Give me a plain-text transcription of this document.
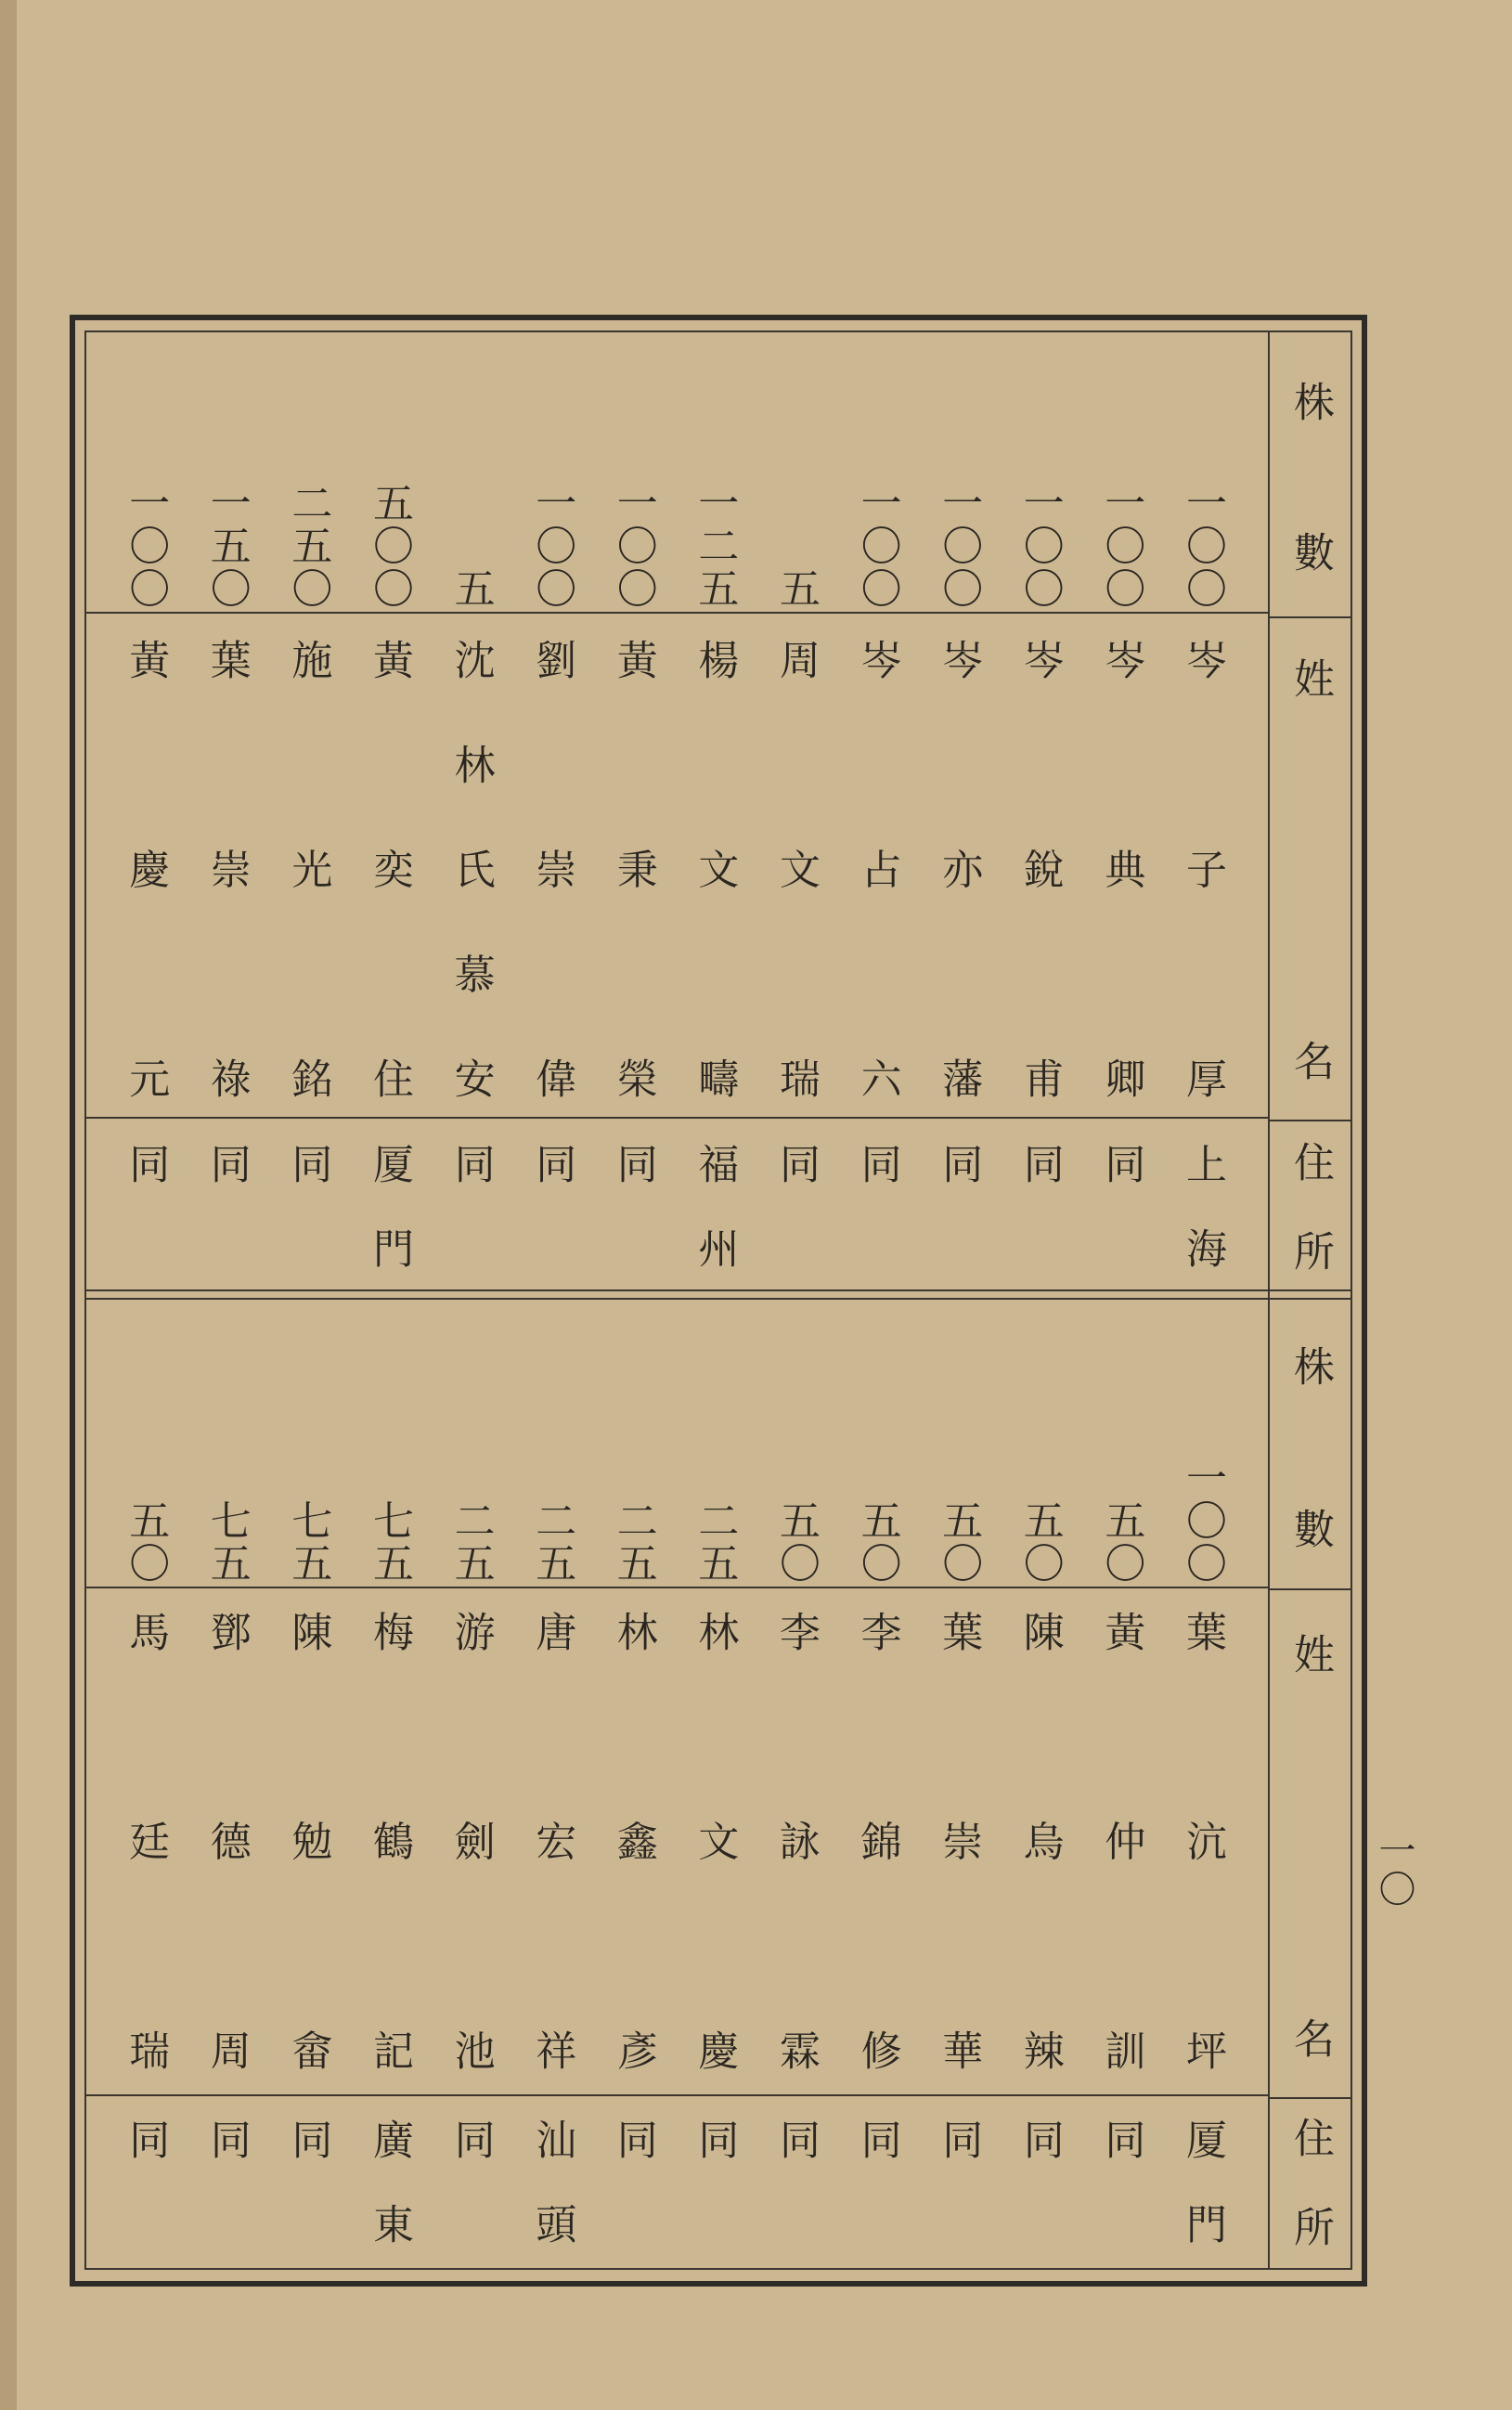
株數
姓名
住所
株數
姓名
住所
一〇
一〇〇
岑子厚
上海
一〇〇
岑典卿
同
一〇〇
岑銳甫
同
一〇〇
岑亦藩
同
一〇〇
岑占六
同
五
周文瑞
同
一二五
楊文疇
福州
一〇〇
黃秉榮
同
一〇〇
劉崇偉
同
五
沈林氏慕安
同
五〇〇
黃奕住
厦門
二五〇
施光銘
同
一五〇
葉崇祿
同
一〇〇
黃慶元
同
一〇〇
葉沆坪
厦門
五〇
黃仲訓
同
五〇
陳烏辣
同
五〇
葉崇華
同
五〇
李錦修
同
五〇
李詠霖
同
二五
林文慶
同
二五
林鑫彥
同
二五
唐宏祥
汕頭
二五
游劍池
同
七五
梅鶴記
廣東
七五
陳勉畲
同
七五
鄧德周
同
五〇
馬廷瑞
同
